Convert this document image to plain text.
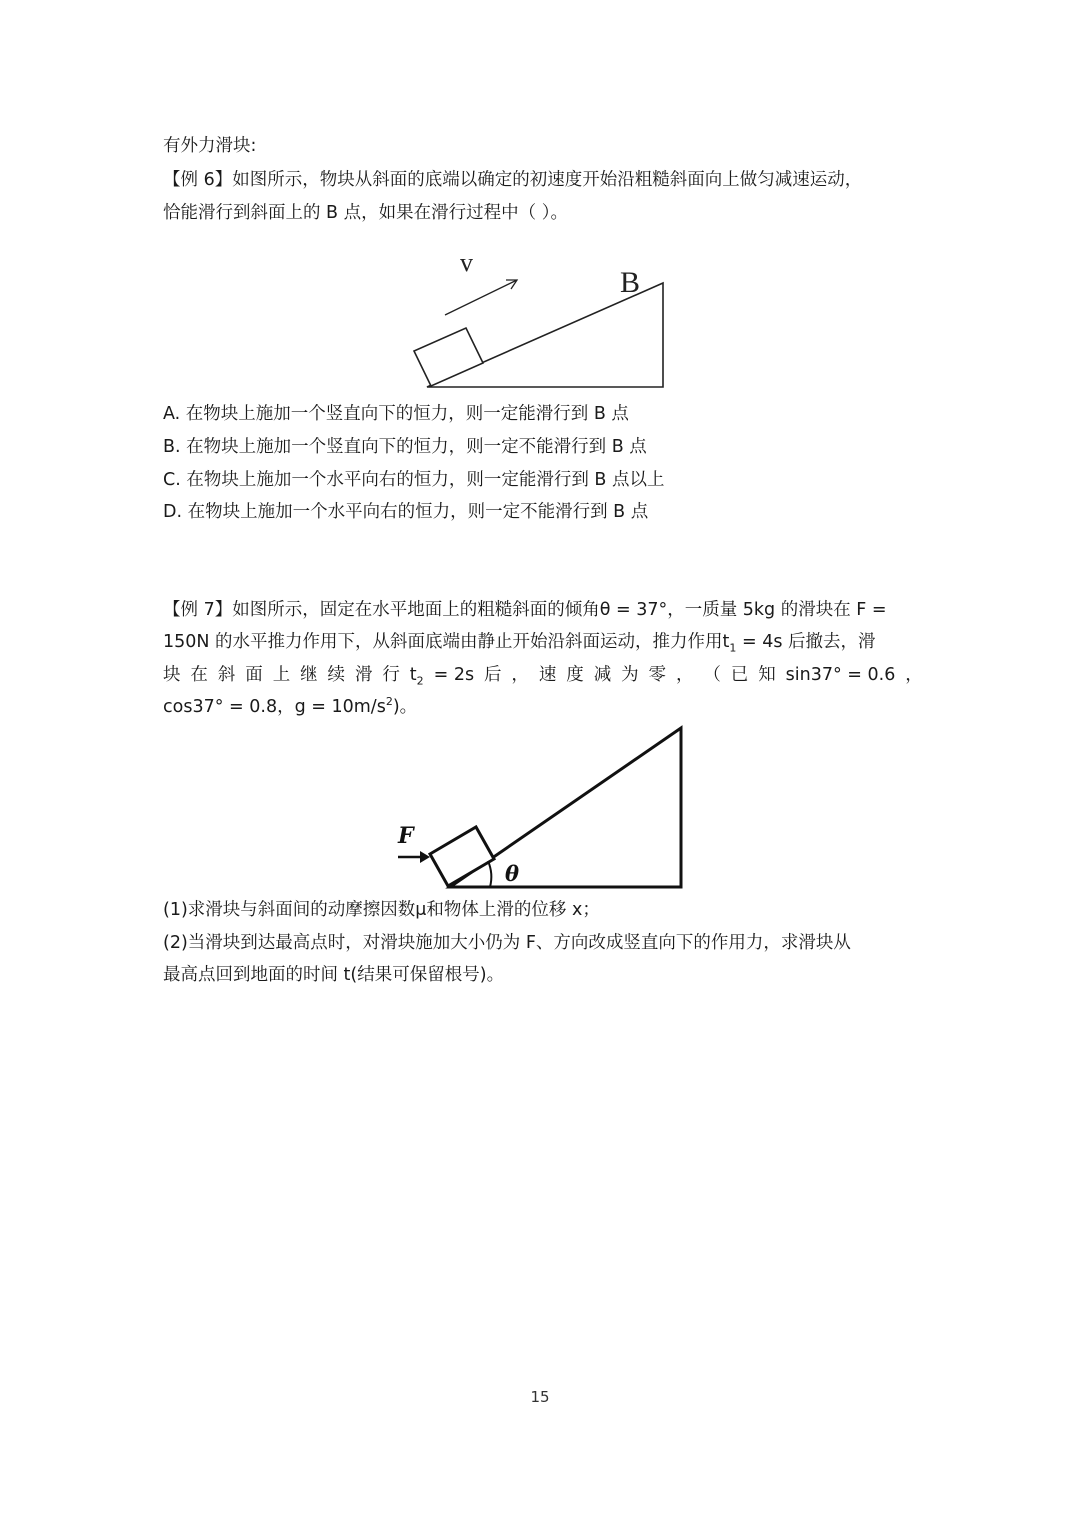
有外力滑块:
【例 6】如图所示，物块从斜面的底端以确定的初速度开始沿粗糙斜面向上做匀减速运动，
恰能滑行到斜面上的 B 点，如果在滑行过程中（ ）。
v
B
A. 在物块上施加一个竖直向下的恒力，则一定能滑行到 B 点
B. 在物块上施加一个竖直向下的恒力，则一定不能滑行到 B 点
C. 在物块上施加一个水平向右的恒力，则一定能滑行到 B 点以上
D. 在物块上施加一个水平向右的恒力，则一定不能滑行到 B 点
【例 7】如图所示，固定在水平地面上的粗糙斜面的倾角θ = 37°，一质量 5kg 的滑块在 F =
150N 的水平推力作用下，从斜面底端由静止开始沿斜面运动，推力作用$t_1 = 4s$ 后撤去，滑
块 在 斜 面 上 继 续 滑 行 $t_2 = 2s$ 后 ， 速 度 减 为 零 ， （ 已 知 sin37° = 0.6 ，
cos37° = 0.8，$g = 10m/s^2$)。
θ
F
(1)求滑块与斜面间的动摩擦因数μ和物体上滑的位移 x；
(2)当滑块到达最高点时，对滑块施加大小仍为 F、方向改成竖直向下的作用力，求滑块从
最高点回到地面的时间 t(结果可保留根号)。
15
